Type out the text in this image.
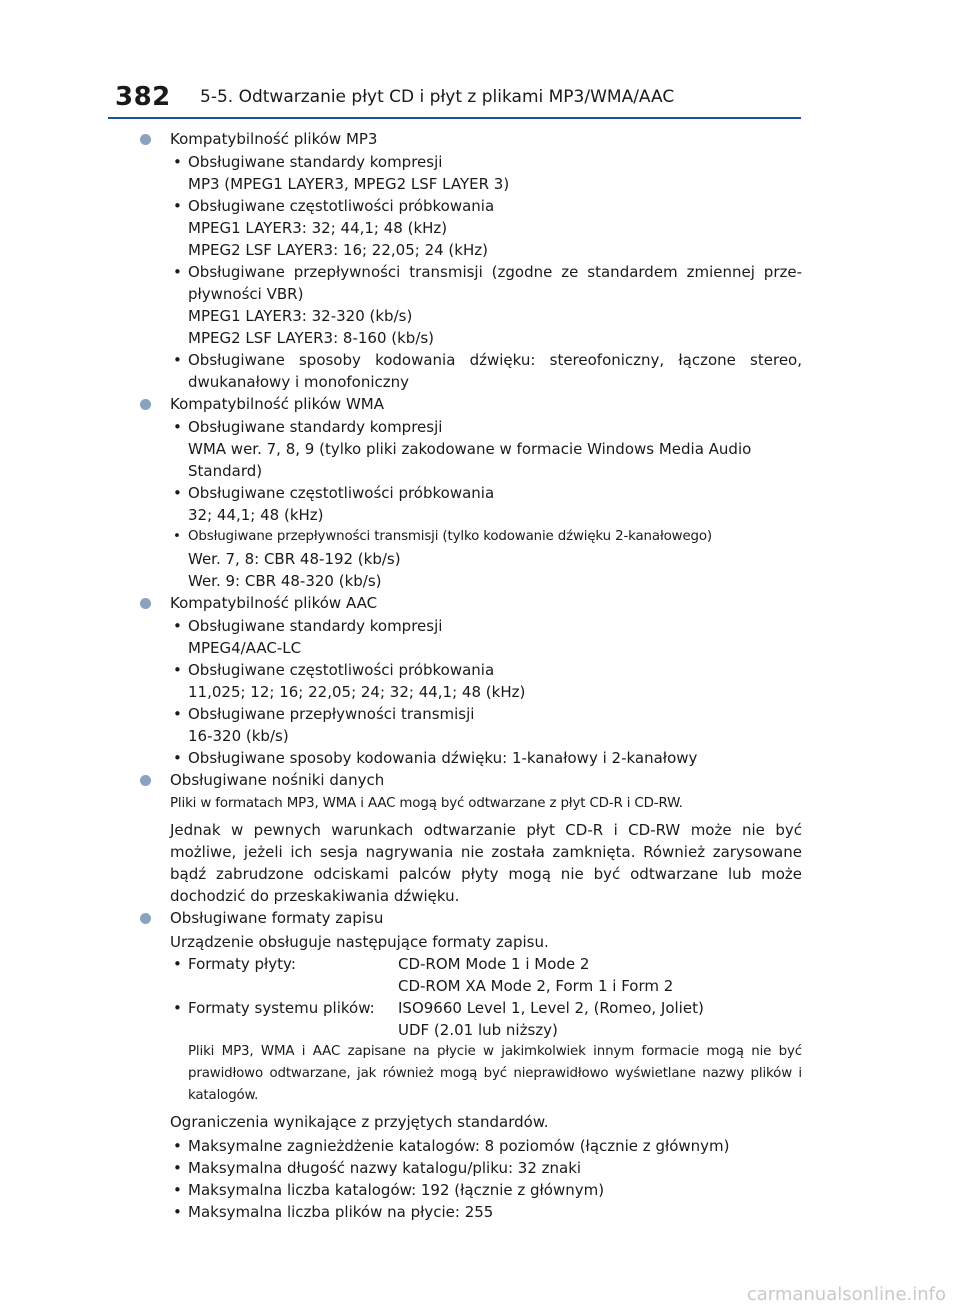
382 5-5. Odtwarzanie płyt CD i płyt z plikami MP3/WMA/AAC
Kompatybilność plików MP3
• Obsługiwane standardy kompresji
MP3 (MPEG1 LAYER3, MPEG2 LSF LAYER 3)
• Obsługiwane częstotliwości próbkowania
MPEG1 LAYER3: 32; 44,1; 48 (kHz)
MPEG2 LSF LAYER3: 16; 22,05; 24 (kHz)
• Obsługiwane przepływności transmisji (zgodne ze standardem zmiennej prze-pływności VBR)
MPEG1 LAYER3: 32-320 (kb/s)
MPEG2 LSF LAYER3: 8-160 (kb/s)
• Obsługiwane sposoby kodowania dźwięku: stereofoniczny, łączone stereo, dwukanałowy i monofoniczny
Kompatybilność plików WMA
• Obsługiwane standardy kompresji
WMA wer. 7, 8, 9 (tylko pliki zakodowane w formacie Windows Media Audio Standard)
• Obsługiwane częstotliwości próbkowania
32; 44,1; 48 (kHz)
• Obsługiwane przepływności transmisji (tylko kodowanie dźwięku 2-kanałowego)
Wer. 7, 8: CBR 48-192 (kb/s)
Wer. 9: CBR 48-320 (kb/s)
Kompatybilność plików AAC
• Obsługiwane standardy kompresji
MPEG4/AAC-LC
• Obsługiwane częstotliwości próbkowania
11,025; 12; 16; 22,05; 24; 32; 44,1; 48 (kHz)
• Obsługiwane przepływności transmisji
16-320 (kb/s)
• Obsługiwane sposoby kodowania dźwięku: 1-kanałowy i 2-kanałowy
Obsługiwane nośniki danych
Pliki w formatach MP3, WMA i AAC mogą być odtwarzane z płyt CD-R i CD-RW.
Jednak w pewnych warunkach odtwarzanie płyt CD-R i CD-RW może nie być możliwe, jeżeli ich sesja nagrywania nie została zamknięta. Również zarysowane bądź zabrudzone odciskami palców płyty mogą nie być odtwarzane lub może dochodzić do przeskakiwania dźwięku.
Obsługiwane formaty zapisu
Urządzenie obsługuje następujące formaty zapisu.
• Formaty płyty:	CD-ROM Mode 1 i Mode 2
CD-ROM XA Mode 2, Form 1 i Form 2
• Formaty systemu plików:	ISO9660 Level 1, Level 2, (Romeo, Joliet)
UDF (2.01 lub niższy)
Pliki MP3, WMA i AAC zapisane na płycie w jakimkolwiek innym formacie mogą nie być prawidłowo odtwarzane, jak również mogą być nieprawidłowo wyświetlane nazwy plików i katalogów.
Ograniczenia wynikające z przyjętych standardów.
• Maksymalne zagnieżdżenie katalogów: 8 poziomów (łącznie z głównym)
• Maksymalna długość nazwy katalogu/pliku: 32 znaki
• Maksymalna liczba katalogów: 192 (łącznie z głównym)
• Maksymalna liczba plików na płycie: 255
carmanualsonline.info
